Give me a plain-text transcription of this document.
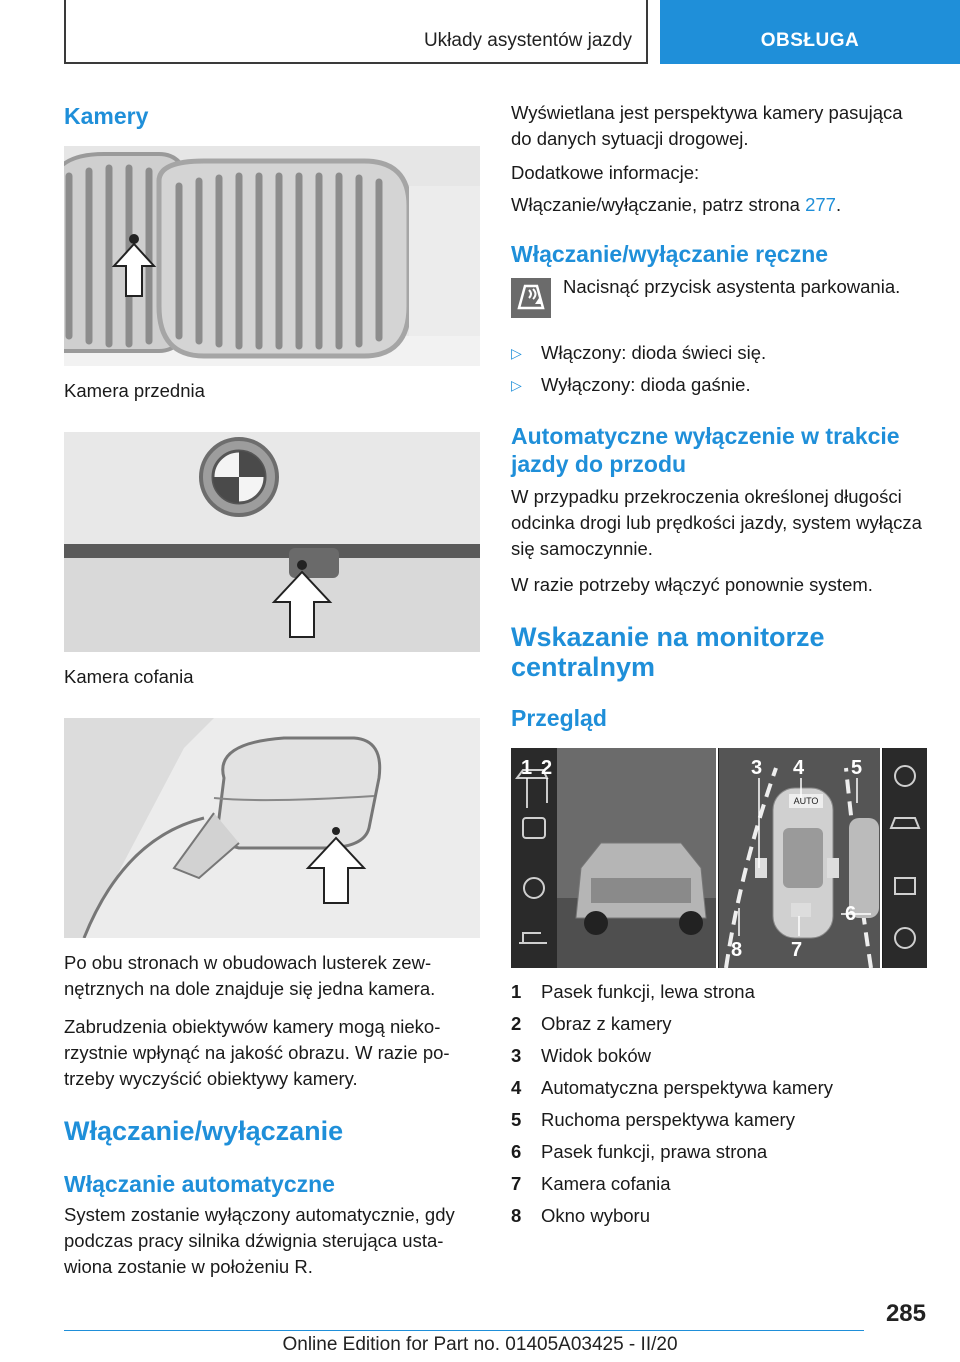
Układy asystentów jazdy	OBSŁUGA
Kamery
Kamera przednia
Kamera cofania

Po obu stronach w obudowach lusterek zewnętrznych na dole znajduje się jedna kamera.

Zabrudzenia obiektywów kamery mogą niekorzystnie wpłynąć na jakość obrazu. W razie potrzeby wyczyścić obiektywy kamery.

Włączanie/wyłączanie
Włączanie automatyczne

System zostanie wyłączony automatycznie, gdy podczas pracy silnika dźwignia sterująca ustawiona zostanie w położeniu R.

Wyświetlana jest perspektywa kamery pasująca do danych sytuacji drogowej.

Dodatkowe informacje:

Włączanie/wyłączanie, patrz strona 277.

Włączanie/wyłączanie ręczne

Nacisnąć przycisk asystenta parkowania.

▷	Włączony: dioda świeci się.
▷	Wyłączony: dioda gaśnie.
Automatyczne wyłączenie w trakcie jazdy do przodu

W przypadku przekroczenia określonej długości odcinka drogi lub prędkości jazdy, system wyłącza się samoczynnie.

W razie potrzeby włączyć ponownie system.

Wskazanie na monitorze centralnym
Przegląd
AUTO
1 2	3 4 5
6
7
8
1	Pasek funkcji, lewa strona
2	Obraz z kamery
3	Widok boków
4	Automatyczna perspektywa kamery
5	Ruchoma perspektywa kamery
6	Pasek funkcji, prawa strona
7	Kamera cofania
8	Okno wyboru
285
Online Edition for Part no. 01405A03425 - II/20
